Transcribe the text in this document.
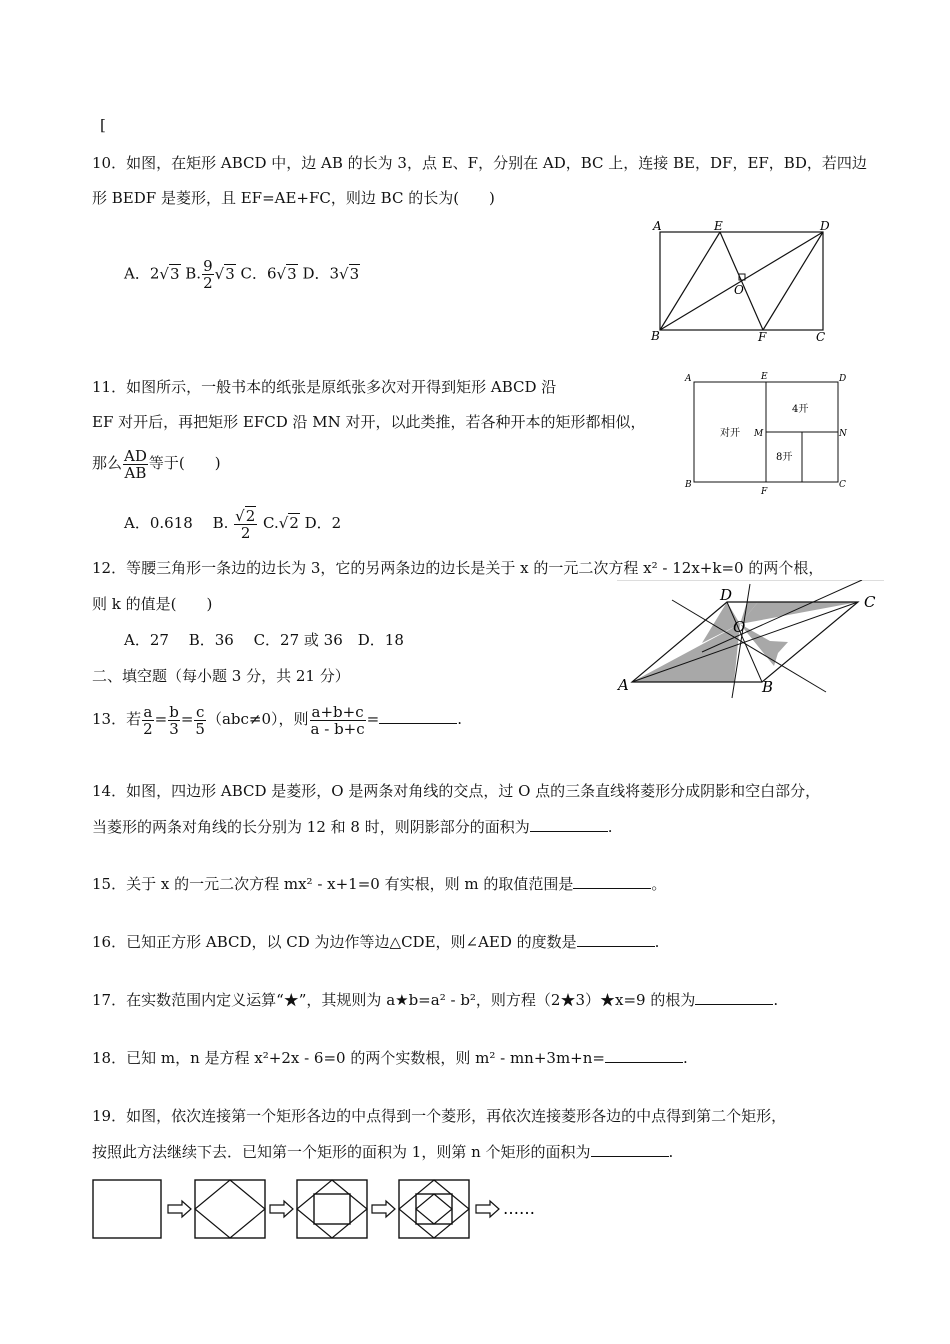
[
10．如图，在矩形 ABCD 中，边 AB 的长为 3，点 E、F，分别在 AD，BC 上，连接 BE，DF，EF，BD，若四边
形 BEDF 是菱形，且 EF=AE+FC，则边 BC 的长为(　　)
A．2√3 B. $\frac{9}{2} √3$ C．6√3 D．3√3
A	E	D
O
B	F	C
11．如图所示，一般书本的纸张是原纸张多次对开得到矩形 ABCD 沿
EF 对开后，再把矩形 EFCD 沿 MN 对开，以此类推，若各种开本的矩形都相似，
那么 $\frac{AD}{AB}$ 等于(　　)
A．0.618　 B. $\frac{√2}{2} C.√2$ D．2
A	E	D
M	N
B
F
C
对开
4开
8开
12．等腰三角形一条边的边长为 3，它的另两条边的边长是关于 x 的一元二次方程 x² - 12x+k=0 的两个根，
则 k 的值是(　　)
A．27　 B．36　 C．27 或 36　D．18
D	C
O
A	B
二、填空题（每小题 3 分，共 21 分）
13．若 $\frac{a}{2} = \frac{b}{3} = \frac{c}{5} (abc\ne 0)$，则 $\frac{a+b+c}{a - b+c}$ =	.
14．如图，四边形 ABCD 是菱形，O 是两条对角线的交点，过 O 点的三条直线将菱形分成阴影和空白部分，
当菱形的两条对角线的长分别为 12 和 8 时，则阴影部分的面积为	.
15．关于 x 的一元二次方程 mx² - x+1=0 有实根，则 m 的取值范围是	。
16．已知正方形 ABCD，以 CD 为边作等边△CDE，则∠AED 的度数是	.
17．在实数范围内定义运算“★”，其规则为 a★b=a² - b²，则方程（2★3）★x=9 的根为	.
18．已知 m，n 是方程 x²+2x - 6=0 的两个实数根，则 m² - mn+3m+n=	.
19．如图，依次连接第一个矩形各边的中点得到一个菱形，再依次连接菱形各边的中点得到第二个矩形，
按照此方法继续下去．已知第一个矩形的面积为 1，则第 n 个矩形的面积为	.
……
